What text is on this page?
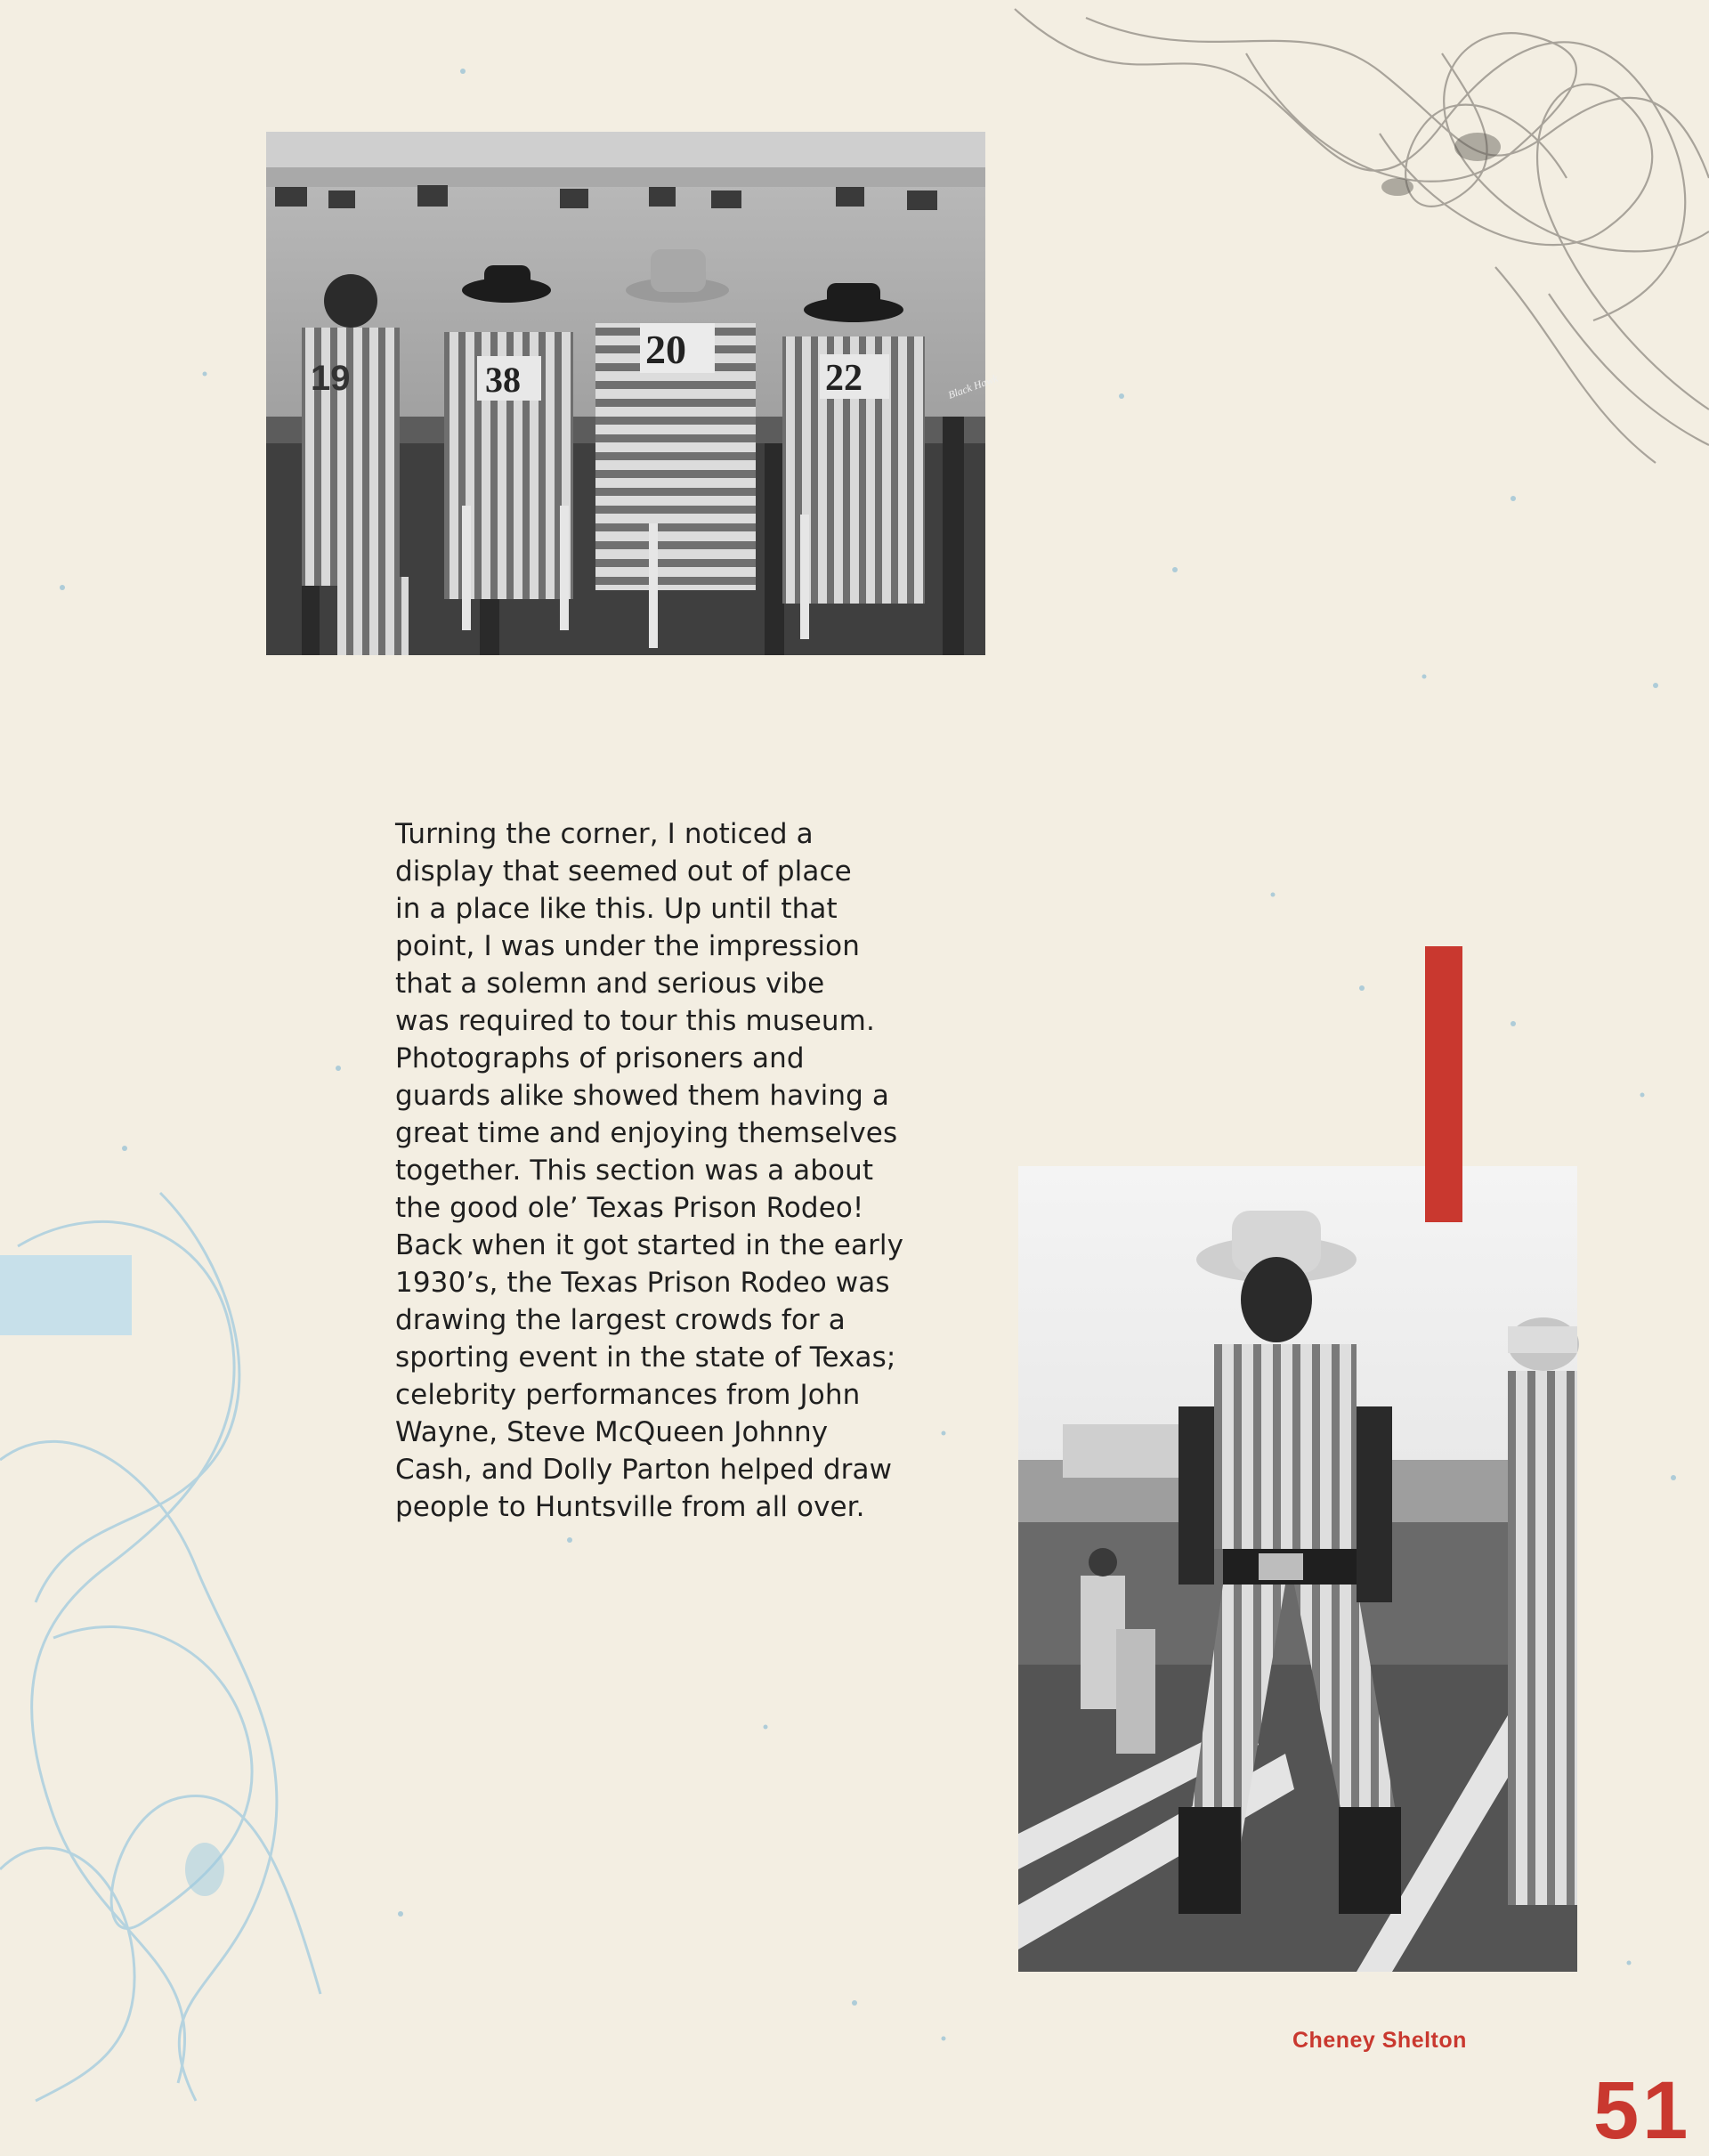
19	38
20
22	Black Hawk
Turning the corner, I noticed a
display that seemed out of place
in a place like this. Up until that
point, I was under the impression
that a solemn and serious vibe
was required to tour this museum.
Photographs of prisoners and
guards alike showed them having a
great time and enjoying themselves
together. This section was a about
the good ole’ Texas Prison Rodeo!
Back when it got started in the early
1930’s, the Texas Prison Rodeo was
drawing the largest crowds for a
sporting event in the state of Texas;
celebrity performances from John
Wayne, Steve McQueen Johnny
Cash, and Dolly Parton helped draw
people to Huntsville from all over.
Cheney Shelton
51
